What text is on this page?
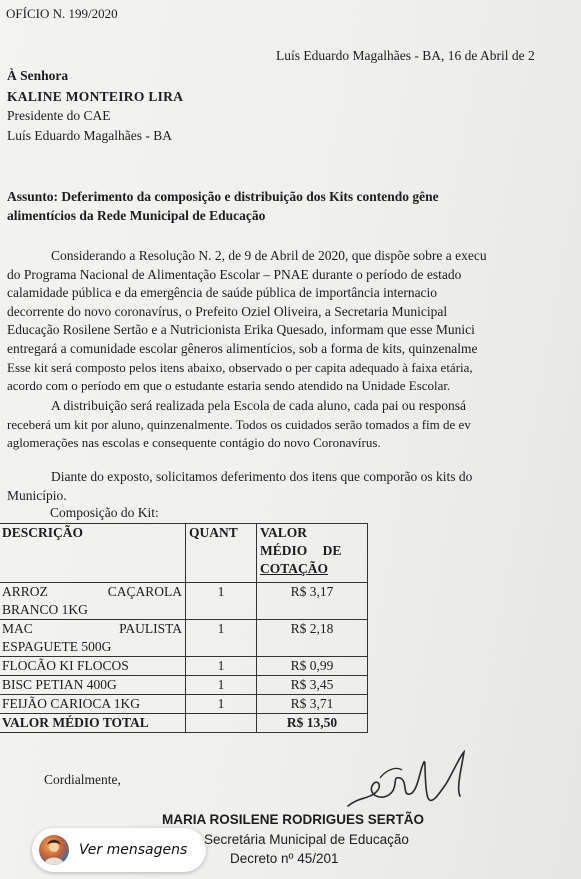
OFÍCIO N. 199/2020
Luís Eduardo Magalhães - BA, 16 de Abril de 2
À Senhora
KALINE MONTEIRO LIRA
Presidente do CAE
Luís Eduardo Magalhães - BA
Assunto: Deferimento da composição e distribuição dos Kits contendo gêne
alimentícios da Rede Municipal de Educação
Considerando a Resolução N. 2, de 9 de Abril de 2020, que dispõe sobre a execu
do Programa Nacional de Alimentação Escolar – PNAE durante o período de estado
calamidade pública e da emergência de saúde pública de importância internacio
decorrente do novo coronavírus, o Prefeito Oziel Oliveira, a Secretaria Municipal
Educação Rosilene Sertão e a Nutricionista Erika Quesado, informam que esse Munici
entregará a comunidade escolar gêneros alimentícios, sob a forma de kits, quinzenalme
Esse kit será composto pelos itens abaixo, observado o per capita adequado à faixa etária,
acordo com o período em que o estudante estaria sendo atendido na Unidade Escolar.
A distribuição será realizada pela Escola de cada aluno, cada pai ou responsá
receberá um kit por aluno, quinzenalmente. Todos os cuidados serão tomados a fim de ev
aglomerações nas escolas e consequente contágio do novo Coronavírus.
Diante do exposto, solicitamos deferimento dos itens que comporão os kits do
Município.
Composição do Kit:
DESCRIÇÃO	QUANT	VALOR
MÉDIO DE
COTAÇÃO

ARROZ CAÇAROLA
BRANCO 1KG	1	R$ 3,17

MAC PAULISTA
ESPAGUETE 500G	1	R$ 2,18
FLOCÃO KI FLOCOS	1	R$ 0,99
BISC PETIAN 400G	1	R$ 3,45
FEIJÃO CARIOCA 1KG	1	R$ 3,71
VALOR MÉDIO TOTAL		R$ 13,50
Cordialmente,
MARIA ROSILENE RODRIGUES SERTÃO
Secretária Municipal de Educação
Decreto nº 45/201
Ver mensagens
